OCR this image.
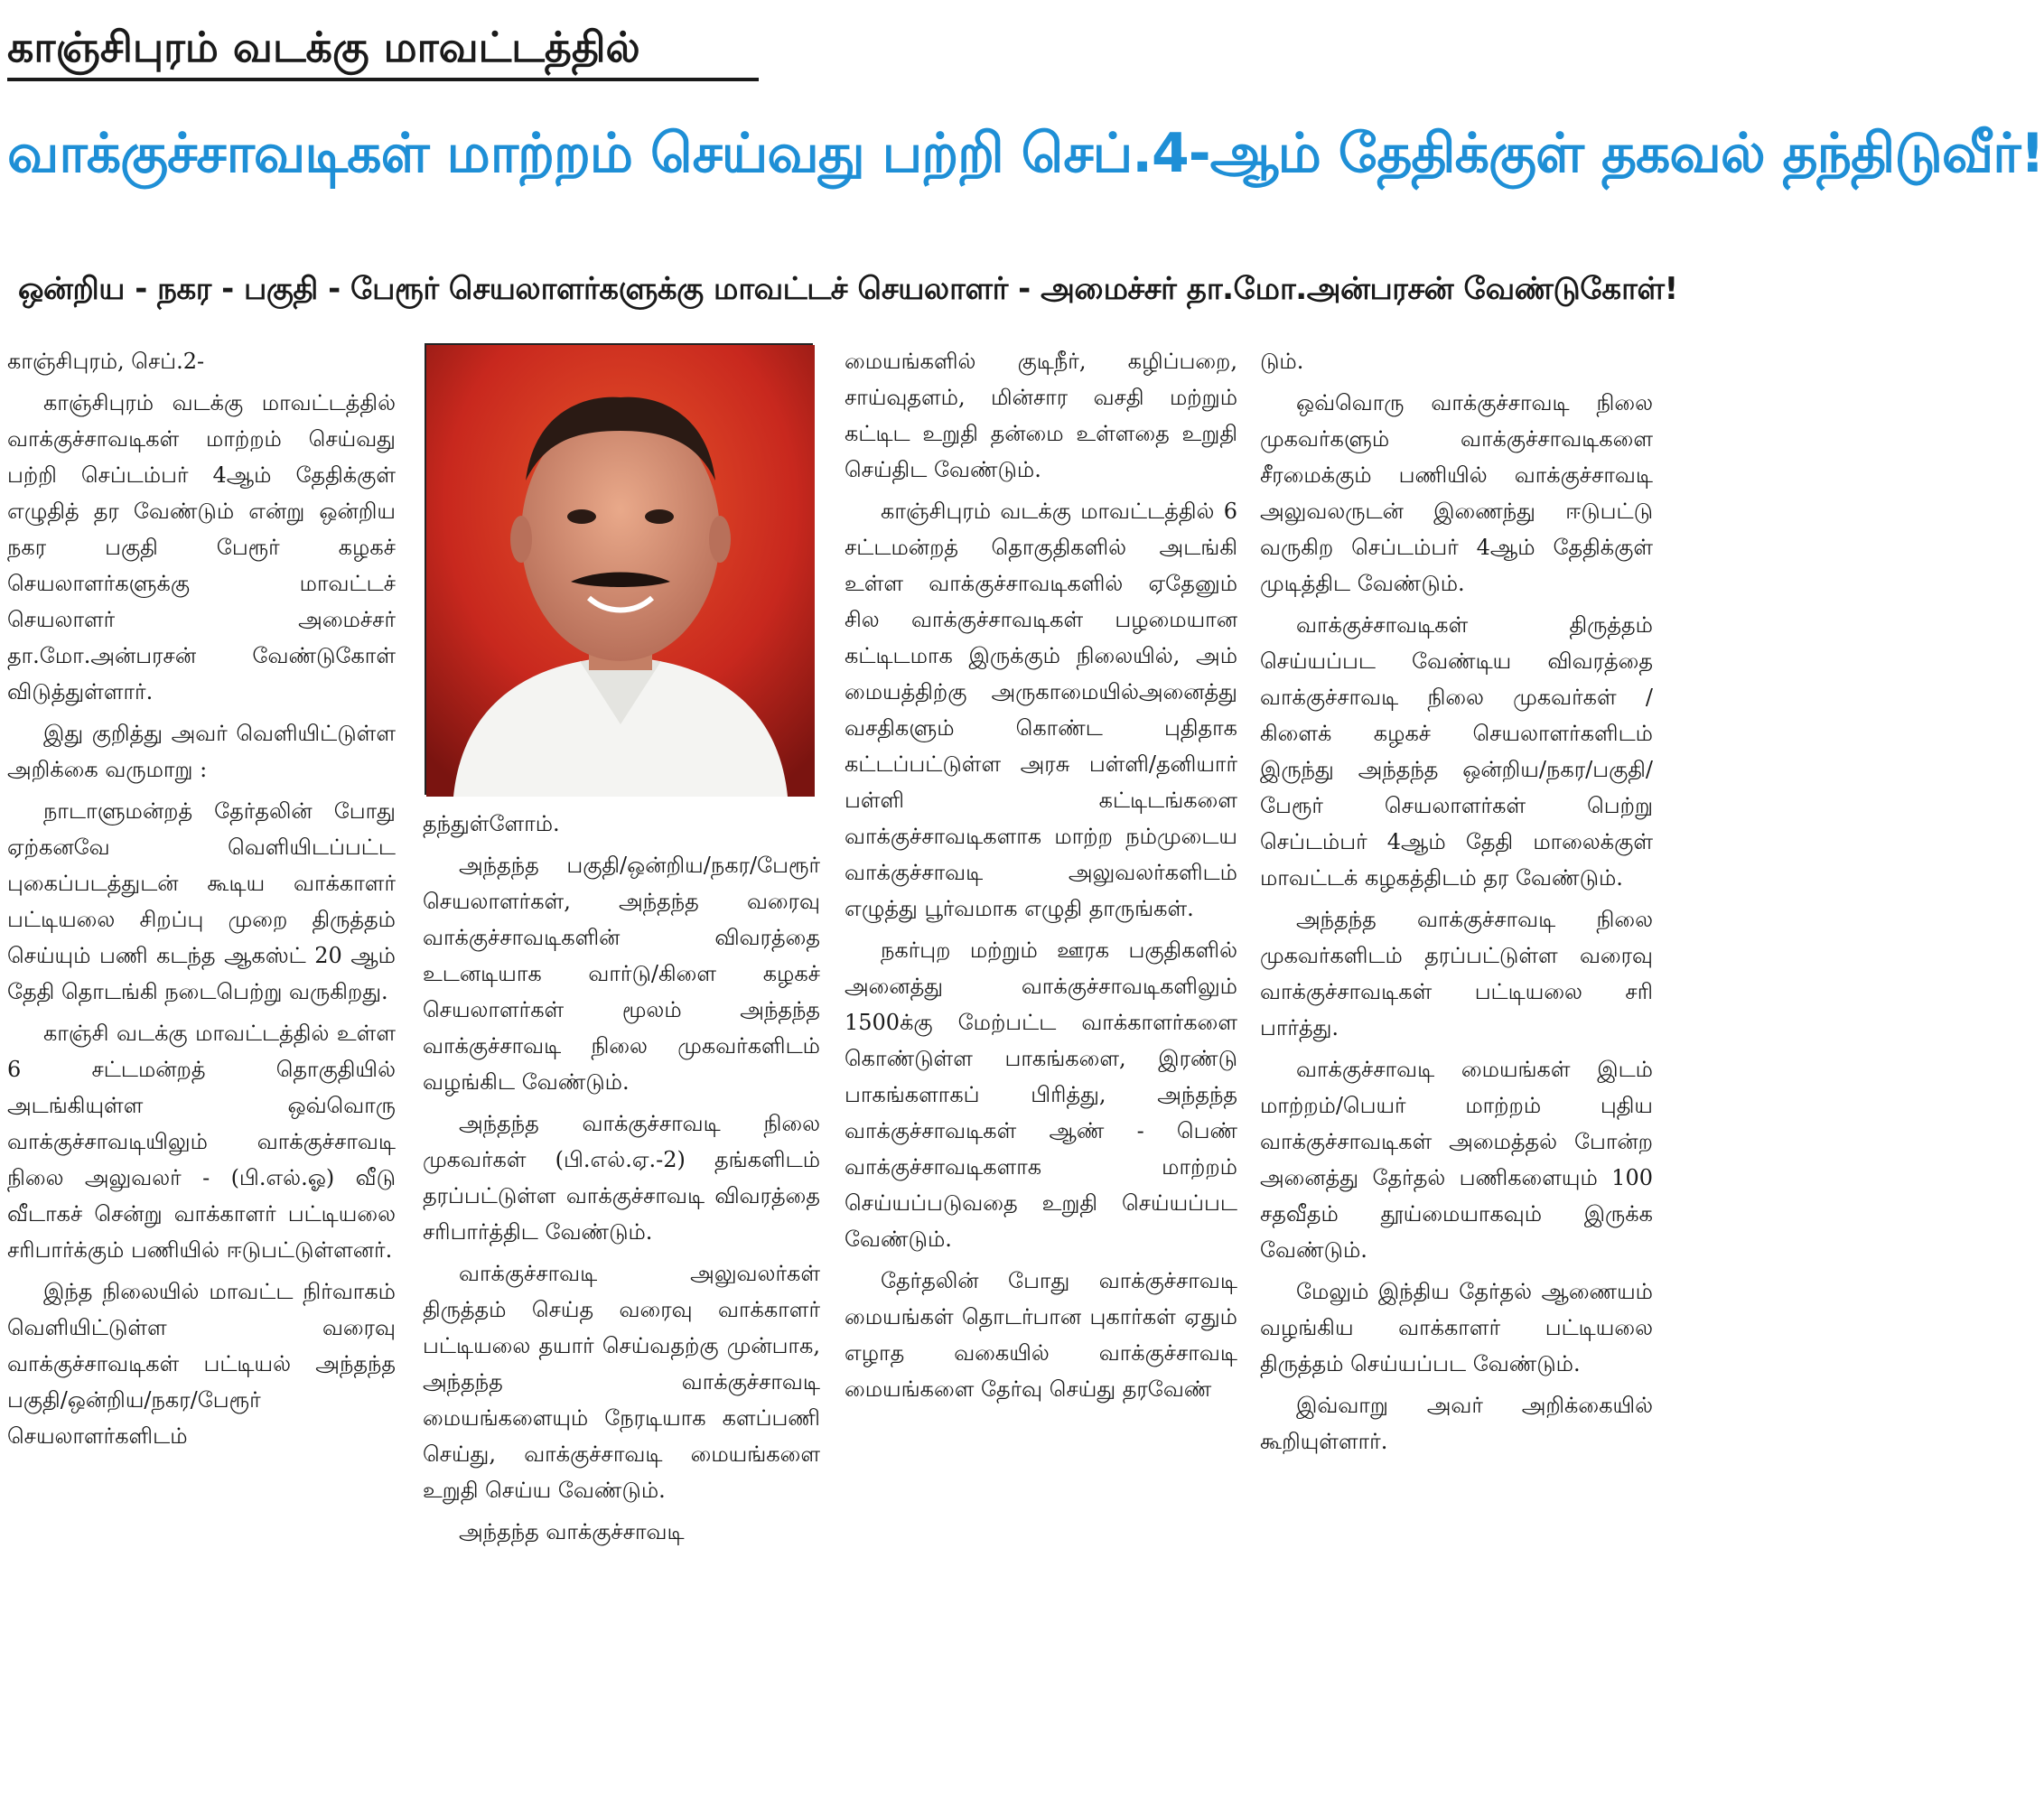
காஞ்சிபுரம் வடக்கு மாவட்டத்தில்
வாக்குச்சாவடிகள் மாற்றம் செய்வது பற்றி செப்.4-ஆம் தேதிக்குள் தகவல் தந்திடுவீர்!
ஒன்றிய - நகர - பகுதி - பேரூர் செயலாளர்களுக்கு மாவட்டச் செயலாளர் - அமைச்சர் தா.மோ.அன்பரசன் வேண்டுகோள்!

காஞ்சிபுரம், செப்.2-

காஞ்சிபுரம் வடக்கு மாவட்டத்தில் வாக்குச்சாவடிகள் மாற்றம் செய்வது பற்றி செப்டம்பர் 4ஆம் தேதிக்குள் எழுதித் தர வேண்டும் என்று ஒன்றிய நகர பகுதி பேரூர் கழகச் செயலாளர்களுக்கு மாவட்டச் செயலாளர் அமைச்சர் தா.மோ.அன்பரசன் வேண்டுகோள் விடுத்துள்ளார்.

இது குறித்து அவர் வெளியிட்டுள்ள அறிக்கை வருமாறு :

நாடாளுமன்றத் தேர்தலின் போது ஏற்கனவே வெளியிடப்பட்ட புகைப்படத்துடன் கூடிய வாக்காளர் பட்டியலை சிறப்பு முறை திருத்தம் செய்யும் பணி கடந்த ஆகஸ்ட் 20 ஆம் தேதி தொடங்கி நடைபெற்று வருகிறது.

காஞ்சி வடக்கு மாவட்டத்தில் உள்ள 6 சட்டமன்றத் தொகுதியில் அடங்கியுள்ள ஒவ்வொரு வாக்குச்சாவடியிலும் வாக்குச்சாவடி நிலை அலுவலர் - (பி.எல்.ஓ) வீடு வீடாகச் சென்று வாக்காளர் பட்டியலை சரிபார்க்கும் பணியில் ஈடுபட்டுள்ளனர்.

இந்த நிலையில் மாவட்ட நிர்வாகம் வெளியிட்டுள்ள வரைவு வாக்குச்சாவடிகள் பட்டியல் அந்தந்த பகுதி/ஒன்றிய/நகர/பேரூர் செயலாளர்களிடம்

தந்துள்ளோம்.

அந்தந்த பகுதி/ஒன்றிய/நகர/பேரூர் செயலாளர்கள், அந்தந்த வரைவு வாக்குச்சாவடிகளின் விவரத்தை உடனடியாக வார்டு/கிளை கழகச் செயலாளர்கள் மூலம் அந்தந்த வாக்குச்சாவடி நிலை முகவர்களிடம் வழங்கிட வேண்டும்.

அந்தந்த வாக்குச்சாவடி நிலை முகவர்கள் (பி.எல்.ஏ.-2) தங்களிடம் தரப்பட்டுள்ள வாக்குச்சாவடி விவரத்தை சரிபார்த்திட வேண்டும்.

வாக்குச்சாவடி அலுவலர்கள் திருத்தம் செய்த வரைவு வாக்காளர் பட்டியலை தயார் செய்வதற்கு முன்பாக, அந்தந்த வாக்குச்சாவடி மையங்களையும் நேரடியாக களப்பணி செய்து, வாக்குச்சாவடி மையங்களை உறுதி செய்ய வேண்டும்.

அந்தந்த வாக்குச்சாவடி

மையங்களில் குடிநீர், கழிப்பறை, சாய்வுதளம், மின்சார வசதி மற்றும் கட்டிட உறுதி தன்மை உள்ளதை உறுதி செய்திட வேண்டும்.

காஞ்சிபுரம் வடக்கு மாவட்டத்தில் 6 சட்டமன்றத் தொகுதிகளில் அடங்கி உள்ள வாக்குச்சாவடிகளில் ஏதேனும் சில வாக்குச்சாவடிகள் பழமையான கட்டிடமாக இருக்கும் நிலையில், அம் மையத்திற்கு அருகாமையில்அனைத்து வசதிகளும் கொண்ட புதிதாக கட்டப்பட்டுள்ள அரசு பள்ளி/தனியார் பள்ளி கட்டிடங்களை வாக்குச்சாவடிகளாக மாற்ற நம்முடைய வாக்குச்சாவடி அலுவலர்களிடம் எழுத்து பூர்வமாக எழுதி தாருங்கள்.

நகர்புற மற்றும் ஊரக பகுதிகளில் அனைத்து வாக்குச்சாவடிகளிலும் 1500க்கு மேற்பட்ட வாக்காளர்களை கொண்டுள்ள பாகங்களை, இரண்டு பாகங்களாகப் பிரித்து, அந்தந்த வாக்குச்சாவடிகள் ஆண் - பெண் வாக்குச்சாவடிகளாக மாற்றம் செய்யப்படுவதை உறுதி செய்யப்பட வேண்டும்.

தேர்தலின் போது வாக்குச்சாவடி மையங்கள் தொடர்பான புகார்கள் ஏதும் எழாத வகையில் வாக்குச்சாவடி மையங்களை தேர்வு செய்து தரவேண்

டும்.

ஒவ்வொரு வாக்குச்சாவடி நிலை முகவர்களும் வாக்குச்சாவடிகளை சீரமைக்கும் பணியில் வாக்குச்சாவடி அலுவலருடன் இணைந்து ஈடுபட்டு வருகிற செப்டம்பர் 4ஆம் தேதிக்குள் முடித்திட வேண்டும்.

வாக்குச்சாவடிகள் திருத்தம் செய்யப்பட வேண்டிய விவரத்தை வாக்குச்சாவடி நிலை முகவர்கள் / கிளைக் கழகச் செயலாளர்களிடம் இருந்து அந்தந்த ஒன்றிய/நகர/பகுதி/பேரூர் செயலாளர்கள் பெற்று செப்டம்பர் 4ஆம் தேதி மாலைக்குள் மாவட்டக் கழகத்திடம் தர வேண்டும்.

அந்தந்த வாக்குச்சாவடி நிலை முகவர்களிடம் தரப்பட்டுள்ள வரைவு வாக்குச்சாவடிகள் பட்டியலை சரி பார்த்து.

வாக்குச்சாவடி மையங்கள் இடம் மாற்றம்/பெயர் மாற்றம் புதிய வாக்குச்சாவடிகள் அமைத்தல் போன்ற அனைத்து தேர்தல் பணிகளையும் 100 சதவீதம் தூய்மையாகவும் இருக்க வேண்டும்.

மேலும் இந்திய தேர்தல் ஆணையம் வழங்கிய வாக்காளர் பட்டியலை திருத்தம் செய்யப்பட வேண்டும்.

இவ்வாறு அவர் அறிக்கையில் கூறியுள்ளார்.
